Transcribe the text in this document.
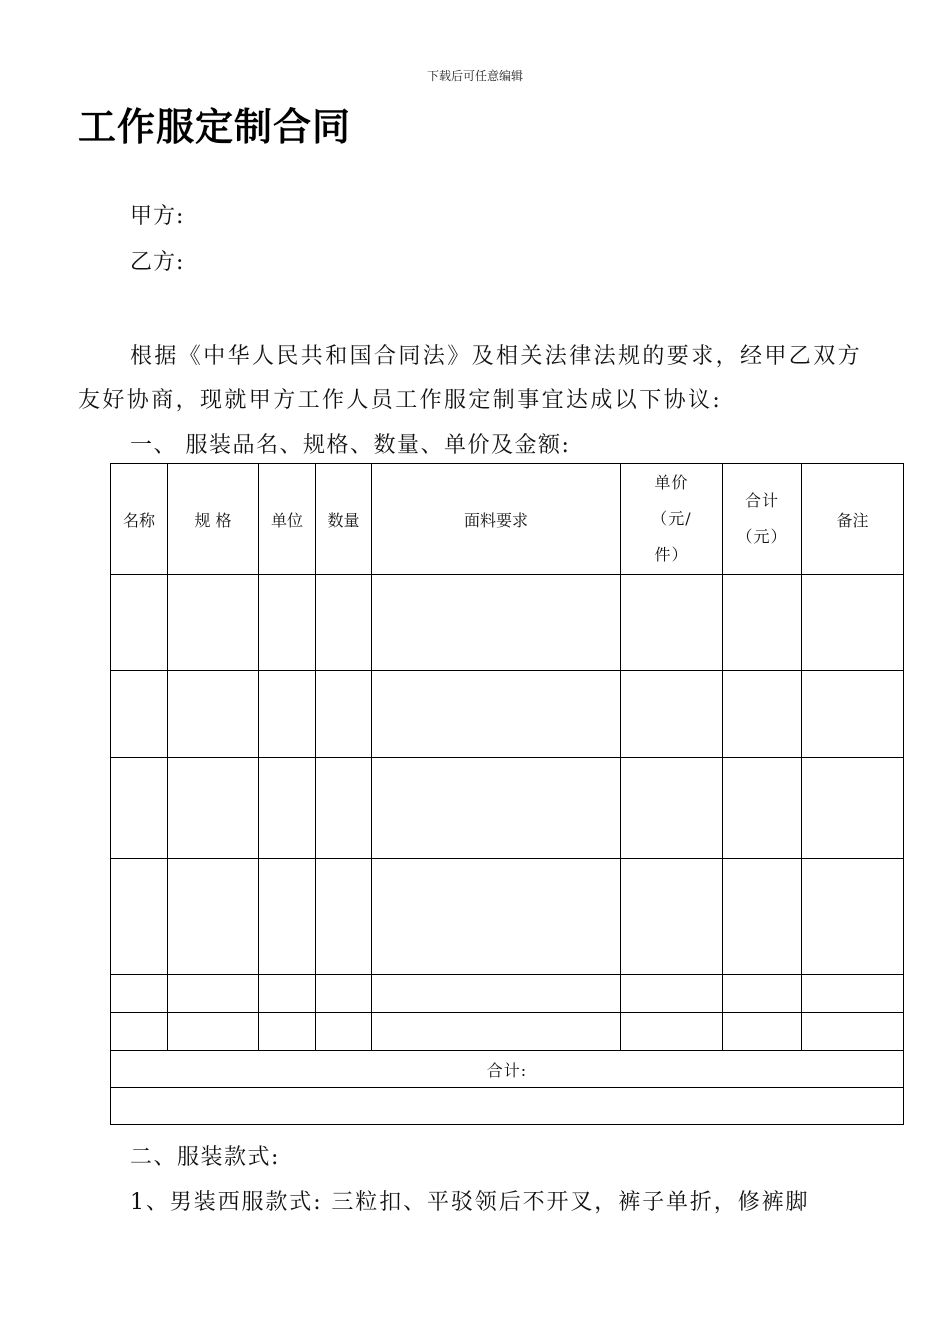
下载后可任意编辑
工作服定制合同
甲方:
乙方:

根据《中华人民共和国合同法》及相关法律法规的要求，经甲乙双方友好协商，现就甲方工作人员工作服定制事宜达成以下协议:

一、 服装品名、规格、数量、单价及金额:
名称	规 格	单位	数量	面料要求	单价（元/件）	合计（元）	备注

合计:							

二、服装款式:
1、男装西服款式: 三粒扣、平驳领后不开叉，裤子单折，修裤脚
